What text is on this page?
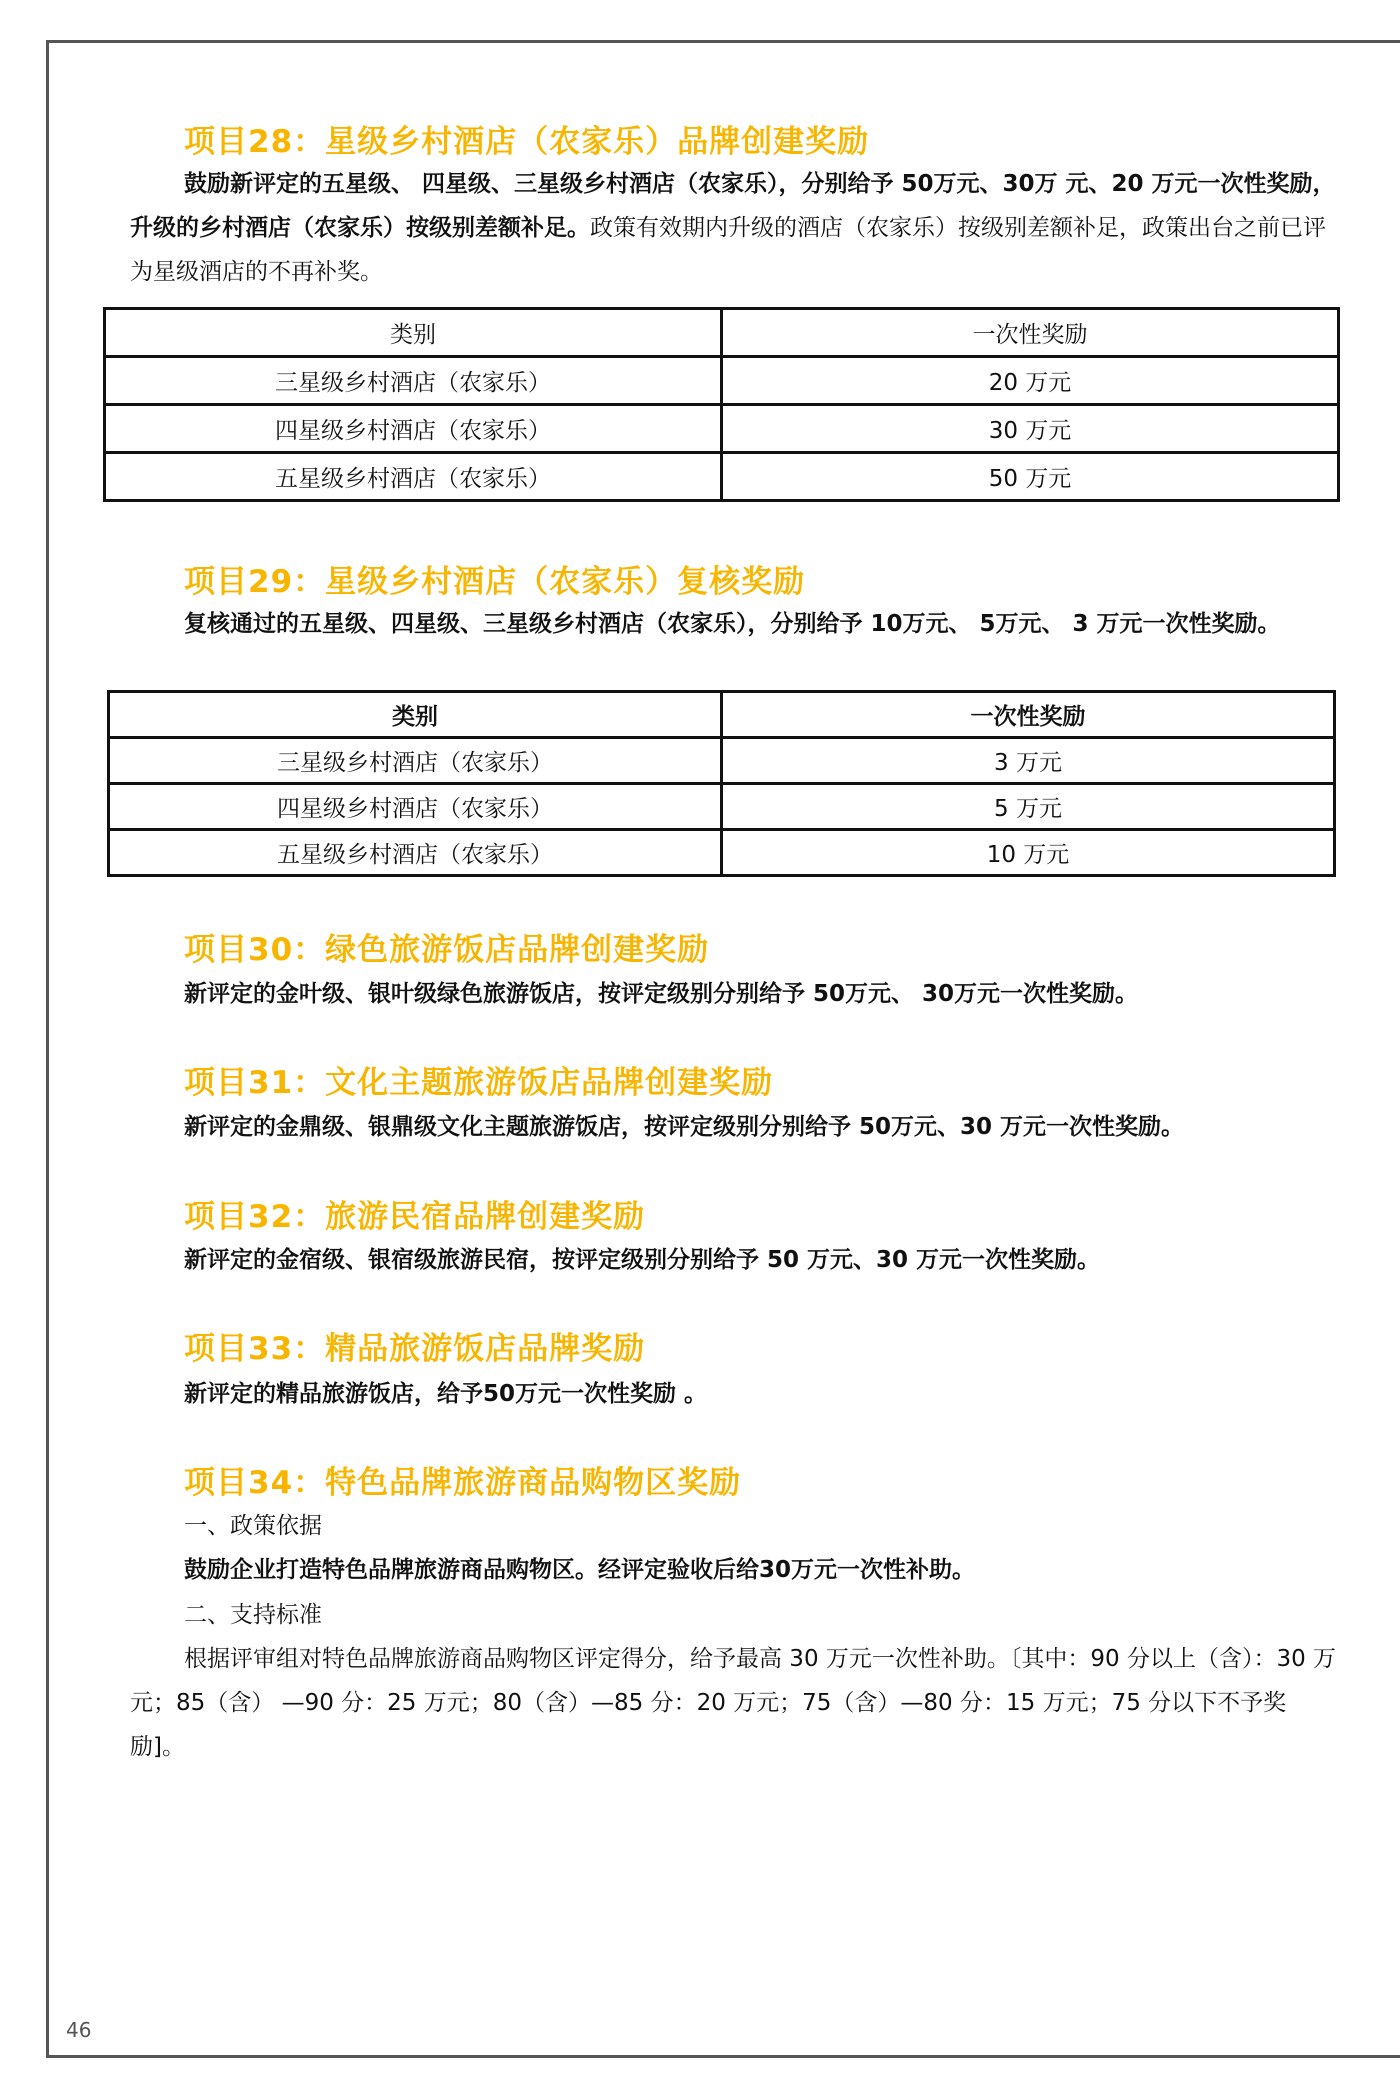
项目28：星级乡村酒店（农家乐）品牌创建奖励
鼓励新评定的五星级、 四星级、三星级乡村酒店（农家乐），分别给予 50万元、30万 元、20 万元一次性奖励，升级的乡村酒店（农家乐）按级别差额补足。政策有效期内升级的酒店（农家乐）按级别差额补足，政策出台之前已评为星级酒店的不再补奖。
类别	一次性奖励
三星级乡村酒店（农家乐）	20 万元
四星级乡村酒店（农家乐）	30 万元
五星级乡村酒店（农家乐）	50 万元
项目29：星级乡村酒店（农家乐）复核奖励
复核通过的五星级、四星级、三星级乡村酒店（农家乐），分别给予 10万元、 5万元、 3 万元一次性奖励。
类别	一次性奖励
三星级乡村酒店（农家乐）	3 万元
四星级乡村酒店（农家乐）	5 万元
五星级乡村酒店（农家乐）	10 万元
项目30：绿色旅游饭店品牌创建奖励
新评定的金叶级、银叶级绿色旅游饭店，按评定级别分别给予 50万元、 30万元一次性奖励。
项目31：文化主题旅游饭店品牌创建奖励
新评定的金鼎级、银鼎级文化主题旅游饭店，按评定级别分别给予 50万元、30 万元一次性奖励。
项目32：旅游民宿品牌创建奖励
新评定的金宿级、银宿级旅游民宿，按评定级别分别给予 50 万元、30 万元一次性奖励。
项目33：精品旅游饭店品牌奖励
新评定的精品旅游饭店，给予50万元一次性奖励 。
项目34：特色品牌旅游商品购物区奖励
一、政策依据
鼓励企业打造特色品牌旅游商品购物区。经评定验收后给30万元一次性补助。
二、支持标准
根据评审组对特色品牌旅游商品购物区评定得分，给予最高 30 万元一次性补助。〔其中：90 分以上（含）：30 万元；85（含） —90 分：25 万元；80（含）—85 分：20 万元；75（含）—80 分：15 万元；75 分以下不予奖励]。
46
